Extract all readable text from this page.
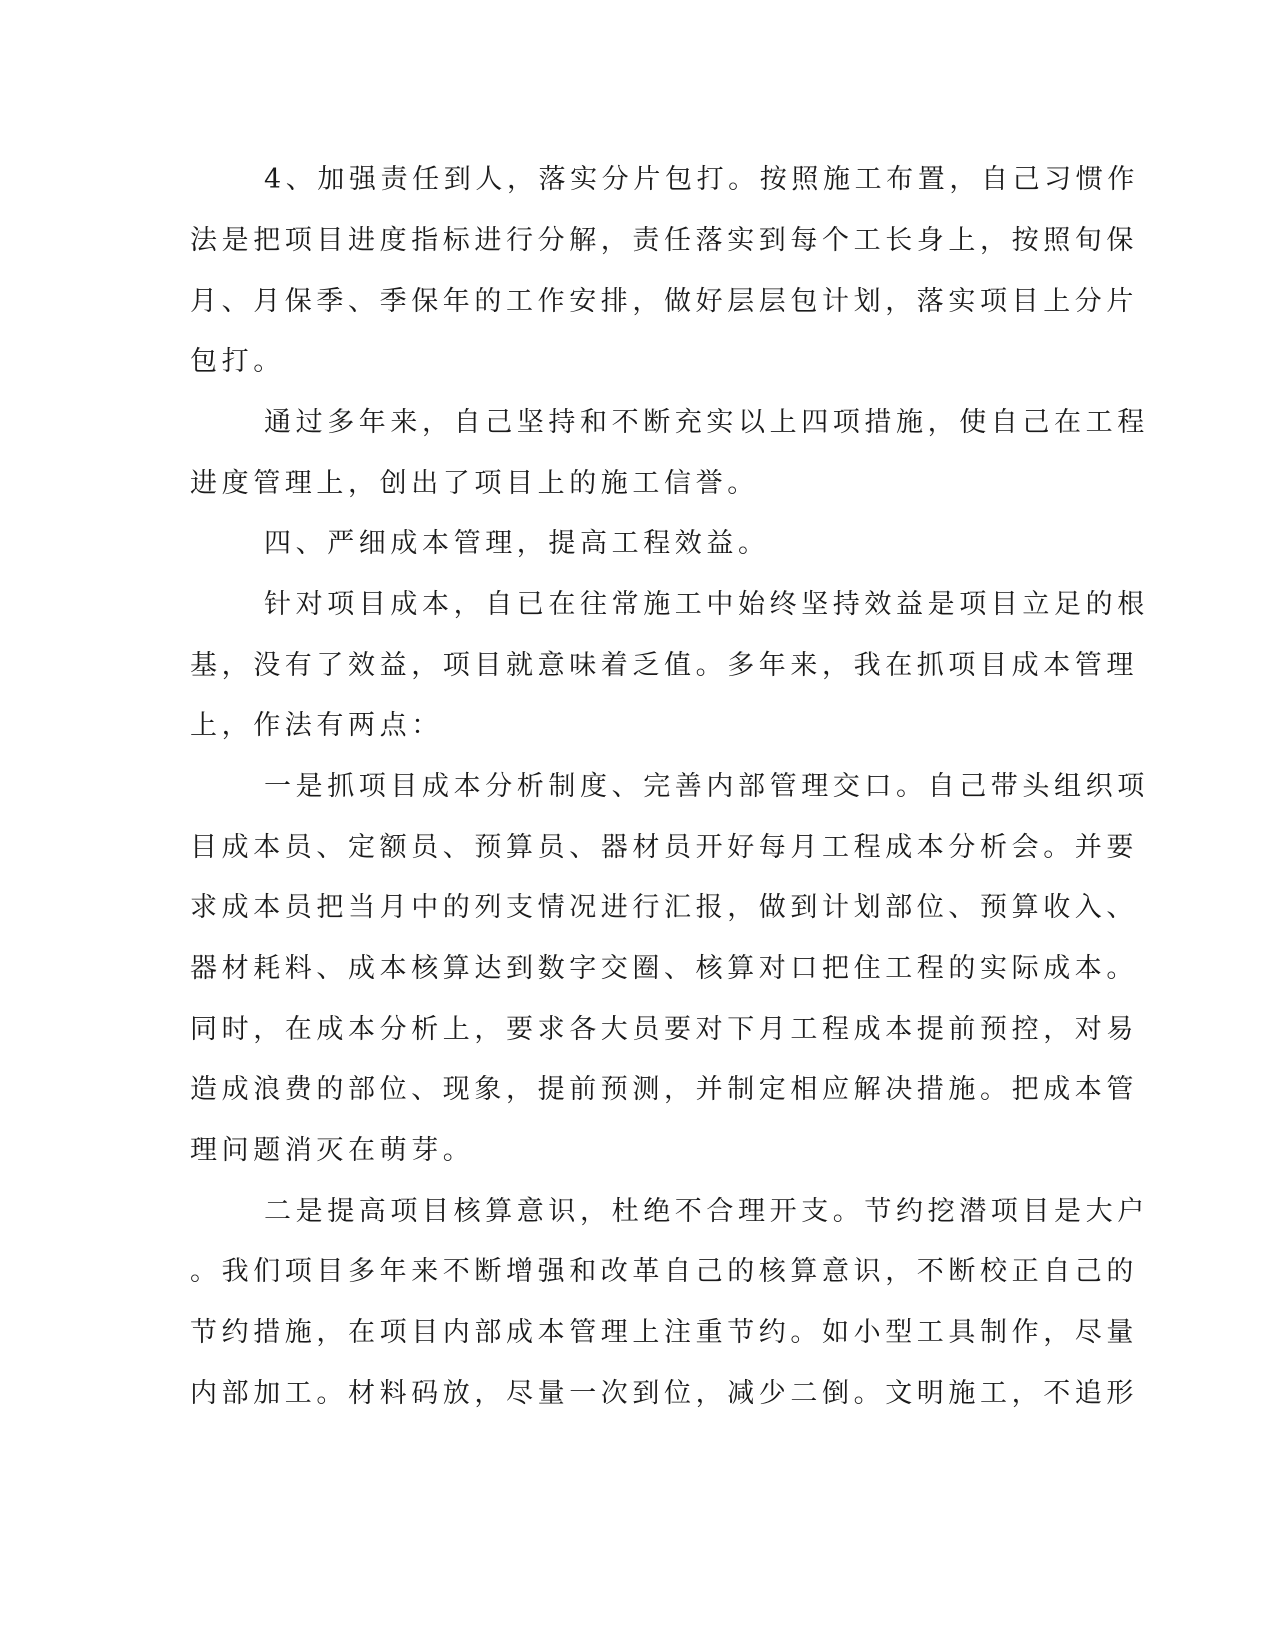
4、加强责任到人，落实分片包打。按照施工布置，自己习惯作
法是把项目进度指标进行分解，责任落实到每个工长身上，按照旬保
月、月保季、季保年的工作安排，做好层层包计划，落实项目上分片
包打。
通过多年来，自己坚持和不断充实以上四项措施，使自己在工程
进度管理上，创出了项目上的施工信誉。
四、严细成本管理，提高工程效益。
针对项目成本，自已在往常施工中始终坚持效益是项目立足的根
基，没有了效益，项目就意味着乏值。多年来，我在抓项目成本管理
上，作法有两点：
一是抓项目成本分析制度、完善内部管理交口。自己带头组织项
目成本员、定额员、预算员、器材员开好每月工程成本分析会。并要
求成本员把当月中的列支情况进行汇报，做到计划部位、预算收入、
器材耗料、成本核算达到数字交圈、核算对口把住工程的实际成本。
同时，在成本分析上，要求各大员要对下月工程成本提前预控，对易
造成浪费的部位、现象，提前预测，并制定相应解决措施。把成本管
理问题消灭在萌芽。
二是提高项目核算意识，杜绝不合理开支。节约挖潜项目是大户
。我们项目多年来不断增强和改革自己的核算意识，不断校正自己的
节约措施，在项目内部成本管理上注重节约。如小型工具制作，尽量
内部加工。材料码放，尽量一次到位，减少二倒。文明施工，不追形
